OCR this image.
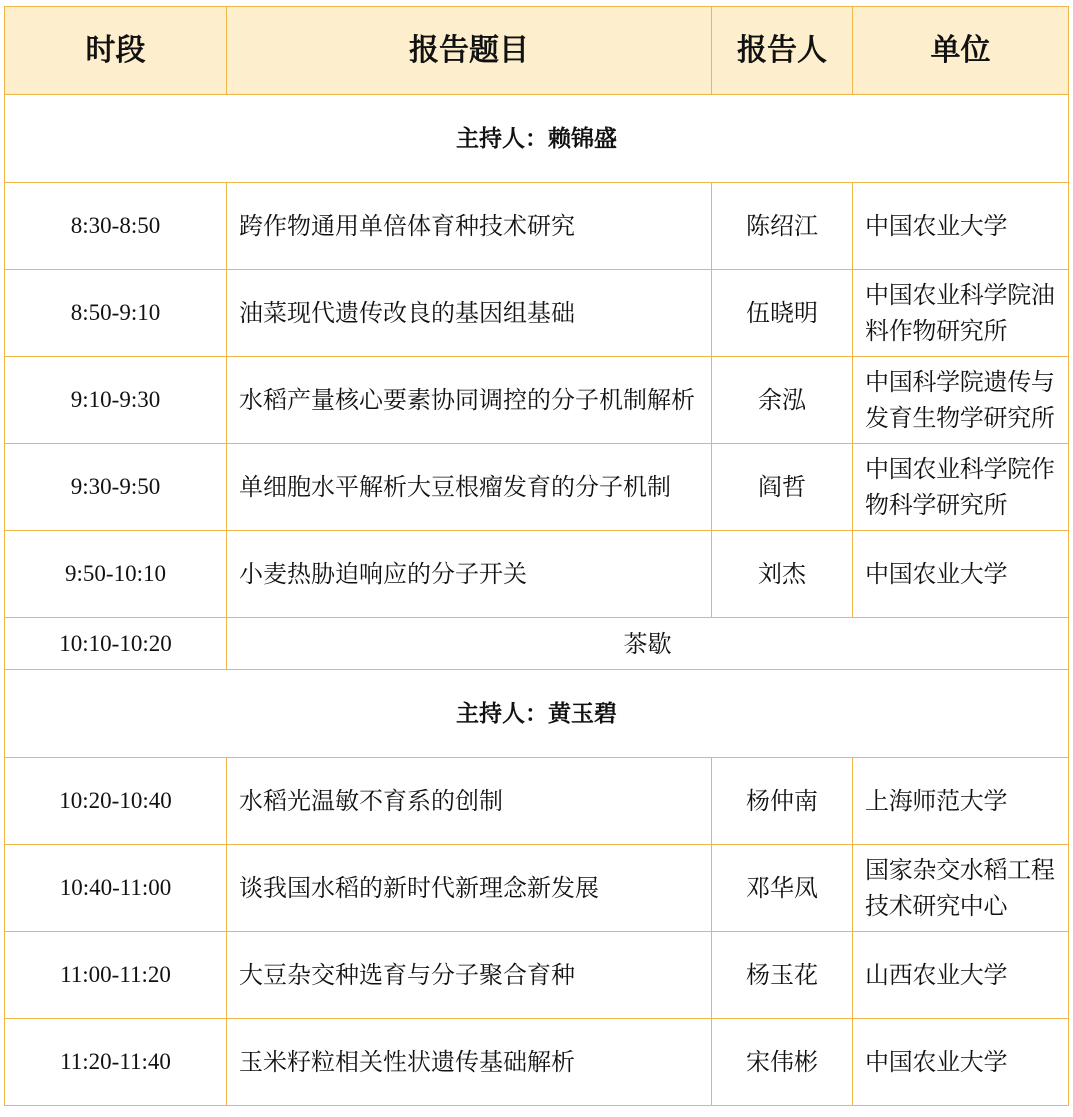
时段	报告题目	报告人	单位
主持人：赖锦盛			
8:30-8:50	跨作物通用单倍体育种技术研究	陈绍江	中国农业大学
8:50-9:10	油菜现代遗传改良的基因组基础	伍晓明	中国农业科学院油料作物研究所
9:10-9:30	水稻产量核心要素协同调控的分子机制解析	余泓	中国科学院遗传与发育生物学研究所
9:30-9:50	单细胞水平解析大豆根瘤发育的分子机制	阎哲	中国农业科学院作物科学研究所
9:50-10:10	小麦热胁迫响应的分子开关	刘杰	中国农业大学
10:10-10:20	茶歇		
主持人：黄玉碧			
10:20-10:40	水稻光温敏不育系的创制	杨仲南	上海师范大学
10:40-11:00	谈我国水稻的新时代新理念新发展	邓华凤	国家杂交水稻工程技术研究中心
11:00-11:20	大豆杂交种选育与分子聚合育种	杨玉花	山西农业大学
11:20-11:40	玉米籽粒相关性状遗传基础解析	宋伟彬	中国农业大学
